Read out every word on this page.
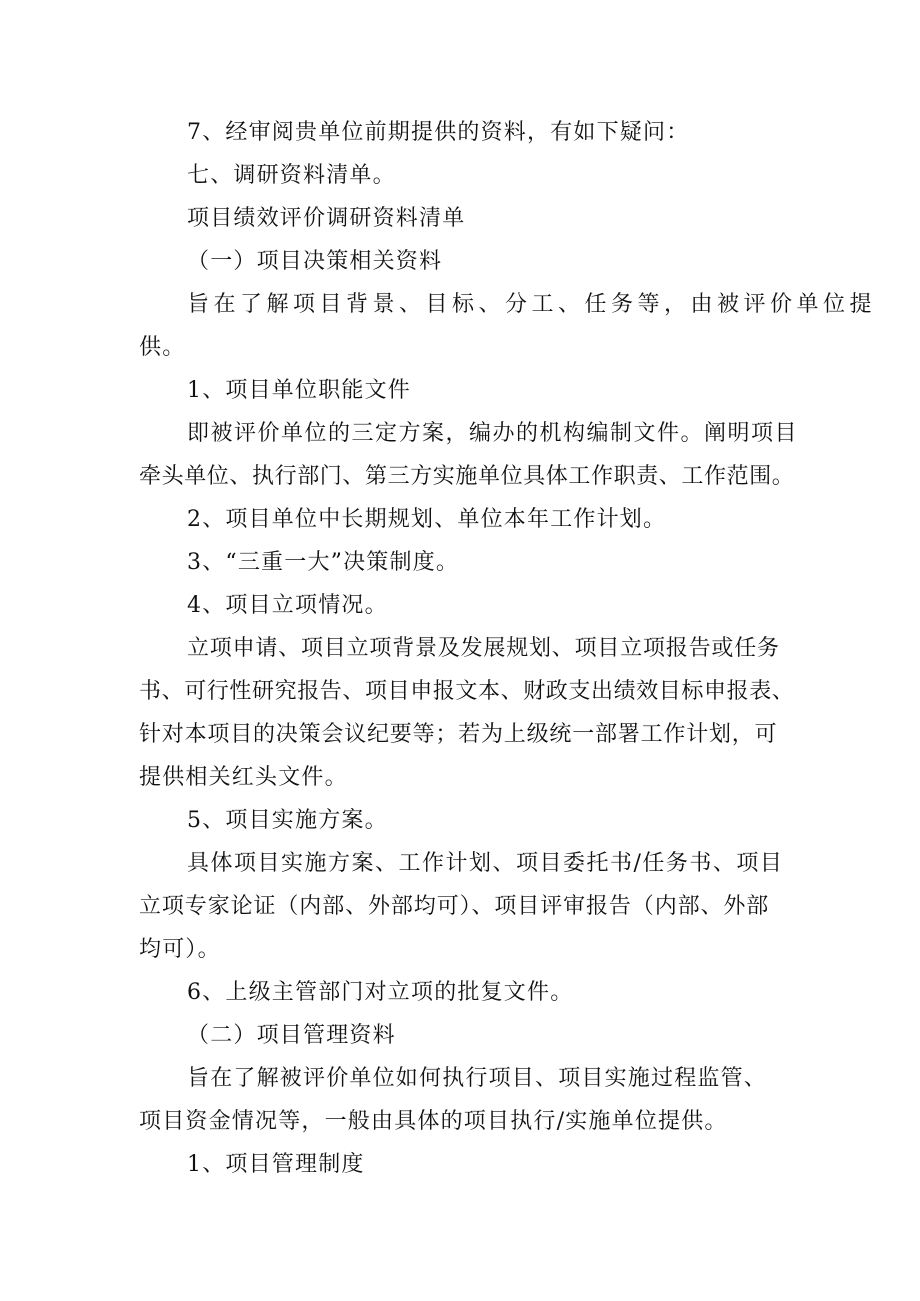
7、经审阅贵单位前期提供的资料，有如下疑问：
七、调研资料清单。
项目绩效评价调研资料清单
（一）项目决策相关资料
旨在了解项目背景、目标、分工、任务等，由被评价单位提
供。
1、项目单位职能文件
即被评价单位的三定方案，编办的机构编制文件。阐明项目
牵头单位、执行部门、第三方实施单位具体工作职责、工作范围。
2、项目单位中长期规划、单位本年工作计划。
3、“三重一大”决策制度。
4、项目立项情况。
立项申请、项目立项背景及发展规划、项目立项报告或任务
书、可行性研究报告、项目申报文本、财政支出绩效目标申报表、
针对本项目的决策会议纪要等；若为上级统一部署工作计划，可
提供相关红头文件。
5、项目实施方案。
具体项目实施方案、工作计划、项目委托书/任务书、项目
立项专家论证（内部、外部均可）、项目评审报告（内部、外部
均可）。
6、上级主管部门对立项的批复文件。
（二）项目管理资料
旨在了解被评价单位如何执行项目、项目实施过程监管、
项目资金情况等，一般由具体的项目执行/实施单位提供。
1、项目管理制度
